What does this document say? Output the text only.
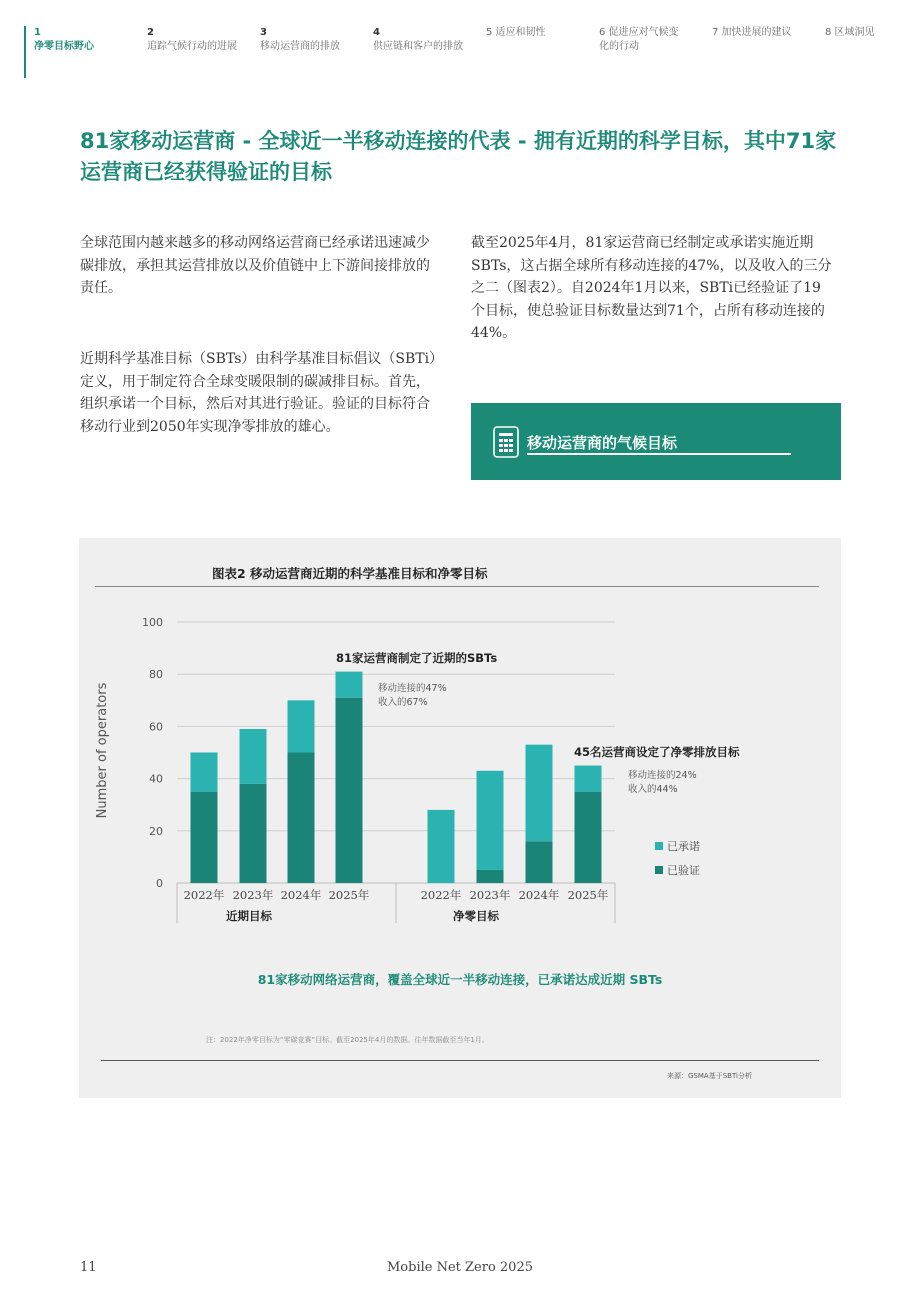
1
净零目标野心
2
追踪气候行动的进展
3
移动运营商的排放
4
供应链和客户的排放
5 适应和韧性	6 促进应对气候变化的行动
7 加快进展的建议	8 区域洞见
81家移动运营商 - 全球近一半移动连接的代表 - 拥有近期的科学目标，其中71家运营商已经获得验证的目标

全球范围内越来越多的移动网络运营商已经承诺迅速减少碳排放，承担其运营排放以及价值链中上下游间接排放的责任。

近期科学基准目标（SBTs）由科学基准目标倡议（SBTi）定义，用于制定符合全球变暖限制的碳减排目标。首先，组织承诺一个目标，然后对其进行验证。验证的目标符合移动行业到2050年实现净零排放的雄心。

截至2025年4月，81家运营商已经制定或承诺实施近期SBTs，这占据全球所有移动连接的47%，以及收入的三分之二（图表2）。自2024年1月以来，SBTi已经验证了19个目标，使总验证目标数量达到71个，占所有移动连接的44%。

移动运营商的气候目标
图表2 移动运营商近期的科学基准目标和净零目标
0
20
40
60
80
100
Number of operators
2022年 2023年 2024年 2025年
近期目标
2022年 2023年 2024年 2025年
净零目标
81家运营商制定了近期的SBTs
移动连接的47%
收入的67%
45名运营商设定了净零排放目标
移动连接的24%
收入的44%
已承诺
已验证
81家移动网络运营商，覆盖全球近一半移动连接，已承诺达成近期 SBTs
注：2022年净零目标为“零碳竞赛”目标。截至2025年4月的数据。往年数据截至当年1月。
来源：GSMA基于SBTi分析
11	Mobile Net Zero 2025
